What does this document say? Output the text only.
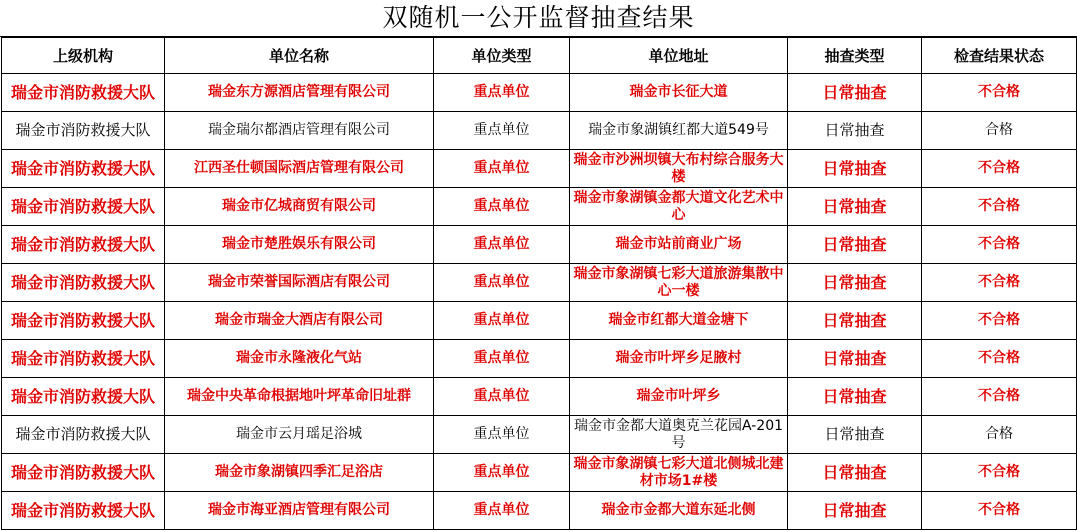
双随机一公开监督抽查结果
上级机构	单位名称	单位类型	单位地址	抽查类型	检查结果状态
瑞金市消防救援大队	瑞金东方源酒店管理有限公司	重点单位	瑞金市长征大道	日常抽查	不合格
瑞金市消防救援大队	瑞金瑞尔都酒店管理有限公司	重点单位	瑞金市象湖镇红都大道549号	日常抽查	合格
瑞金市消防救援大队	江西圣仕顿国际酒店管理有限公司	重点单位	瑞金市沙洲坝镇大布村综合服务大楼	日常抽查	不合格
瑞金市消防救援大队	瑞金市亿城商贸有限公司	重点单位	瑞金市象湖镇金都大道文化艺术中心	日常抽查	不合格
瑞金市消防救援大队	瑞金市楚胜娱乐有限公司	重点单位	瑞金市站前商业广场	日常抽查	不合格
瑞金市消防救援大队	瑞金市荣誉国际酒店有限公司	重点单位	瑞金市象湖镇七彩大道旅游集散中心一楼	日常抽查	不合格
瑞金市消防救援大队	瑞金市瑞金大酒店有限公司	重点单位	瑞金市红都大道金塘下	日常抽查	不合格
瑞金市消防救援大队	瑞金市永隆液化气站	重点单位	瑞金市叶坪乡足腋村	日常抽查	不合格
瑞金市消防救援大队	瑞金中央革命根据地叶坪革命旧址群	重点单位	瑞金市叶坪乡	日常抽查	不合格
瑞金市消防救援大队	瑞金市云月瑶足浴城	重点单位	瑞金市金都大道奥克兰花园A-201号	日常抽查	合格
瑞金市消防救援大队	瑞金市象湖镇四季汇足浴店	重点单位	瑞金市象湖镇七彩大道北侧城北建材市场1#楼	日常抽查	不合格
瑞金市消防救援大队	瑞金市海亚酒店管理有限公司	重点单位	瑞金市金都大道东延北侧	日常抽查	不合格
